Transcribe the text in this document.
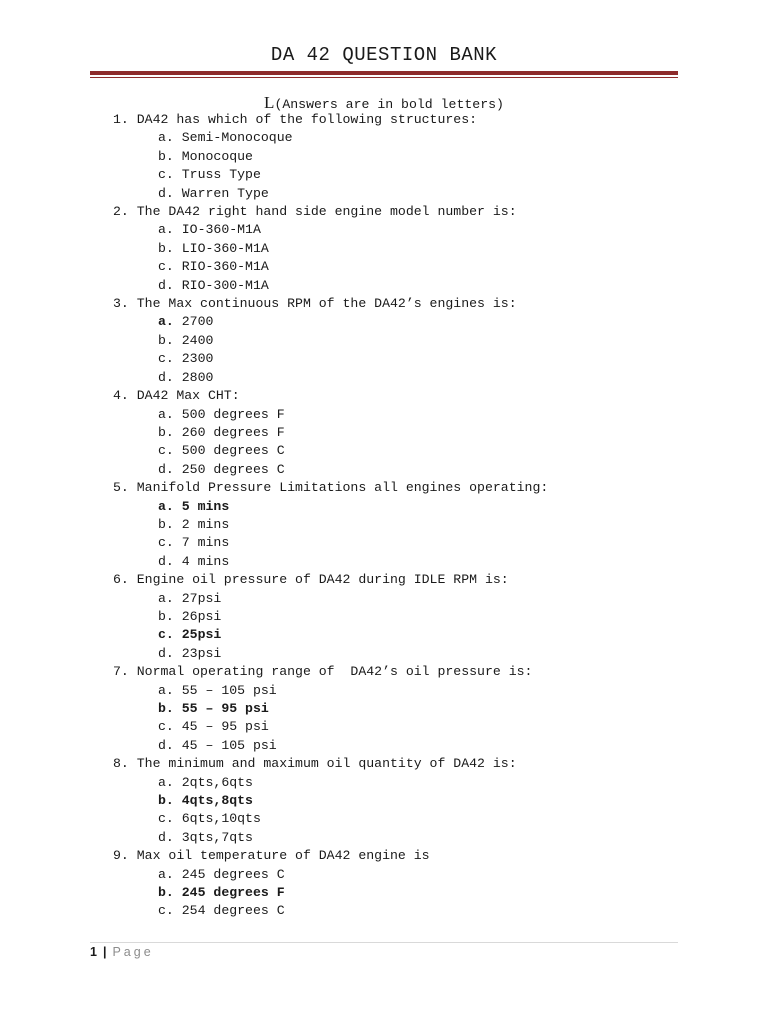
DA 42 QUESTION BANK
L(Answers are in bold letters)
1. DA42 has which of the following structures:
a. Semi-Monocoque
b. Monocoque
c. Truss Type
d. Warren Type
2. The DA42 right hand side engine model number is:
a. IO-360-M1A
b. LIO-360-M1A
c. RIO-360-M1A
d. RIO-300-M1A
3. The Max continuous RPM of the DA42’s engines is:
a. 2700
b. 2400
c. 2300
d. 2800
4. DA42 Max CHT:
a. 500 degrees F
b. 260 degrees F
c. 500 degrees C
d. 250 degrees C
5. Manifold Pressure Limitations all engines operating:
a. 5 mins
b. 2 mins
c. 7 mins
d. 4 mins
6. Engine oil pressure of DA42 during IDLE RPM is:
a. 27psi
b. 26psi
c. 25psi
d. 23psi
7. Normal operating range of  DA42’s oil pressure is:
a. 55 – 105 psi
b. 55 – 95 psi
c. 45 – 95 psi
d. 45 – 105 psi
8. The minimum and maximum oil quantity of DA42 is:
a. 2qts,6qts
b. 4qts,8qts
c. 6qts,10qts
d. 3qts,7qts
9. Max oil temperature of DA42 engine is
a. 245 degrees C
b. 245 degrees F
c. 254 degrees C
1 | Page
